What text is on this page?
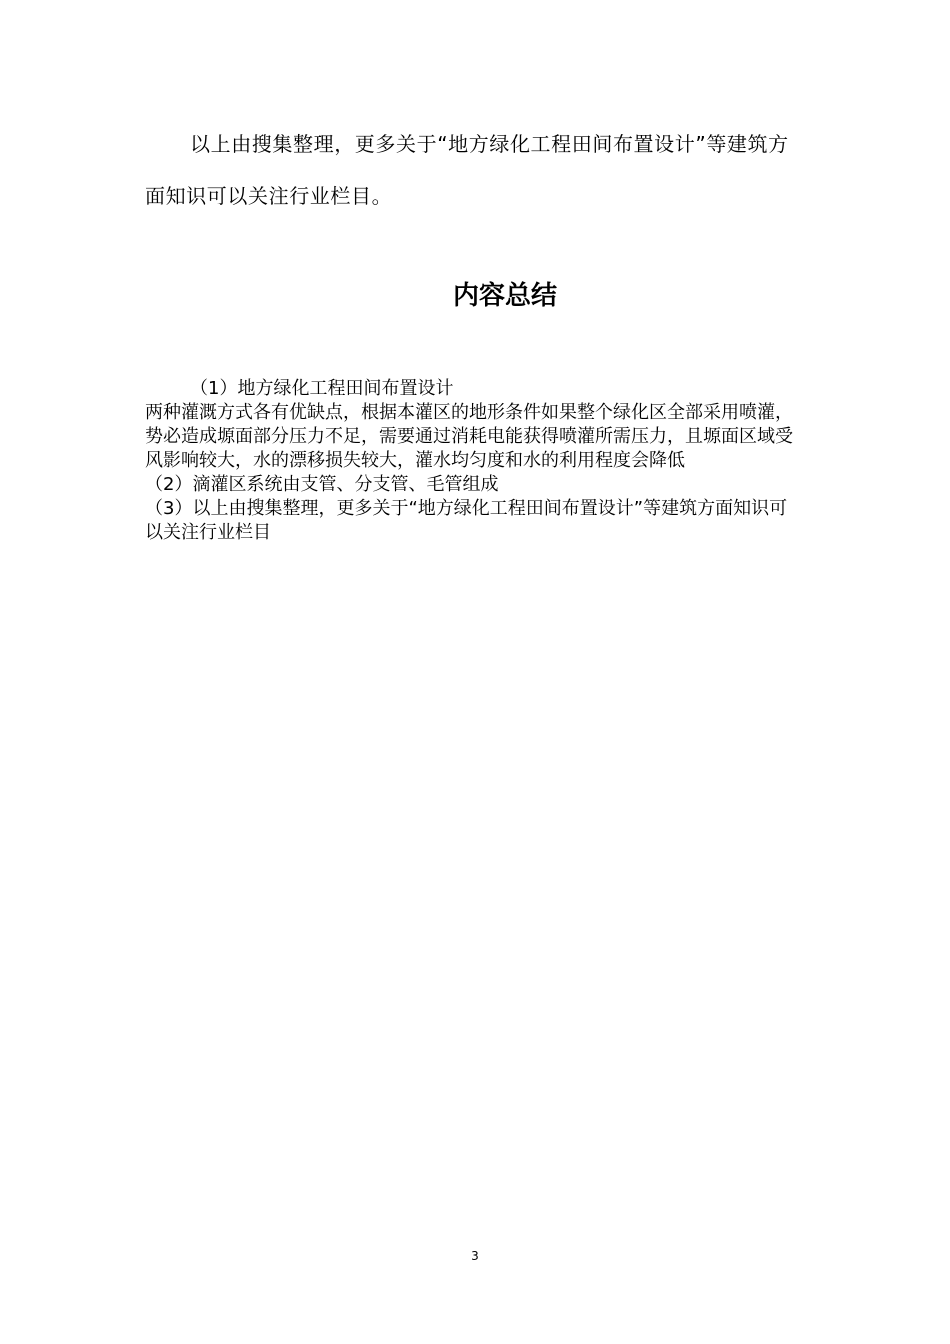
以上由搜集整理，更多关于“地方绿化工程田间布置设计”等建筑方面知识可以关注行业栏目。

内容总结

（1）地方绿化工程田间布置设计

两种灌溉方式各有优缺点，根据本灌区的地形条件如果整个绿化区全部采用喷灌，势必造成塬面部分压力不足，需要通过消耗电能获得喷灌所需压力，且塬面区域受风影响较大，水的漂移损失较大，灌水均匀度和水的利用程度会降低

（2）滴灌区系统由支管、分支管、毛管组成

（3）以上由搜集整理，更多关于“地方绿化工程田间布置设计”等建筑方面知识可以关注行业栏目

3
